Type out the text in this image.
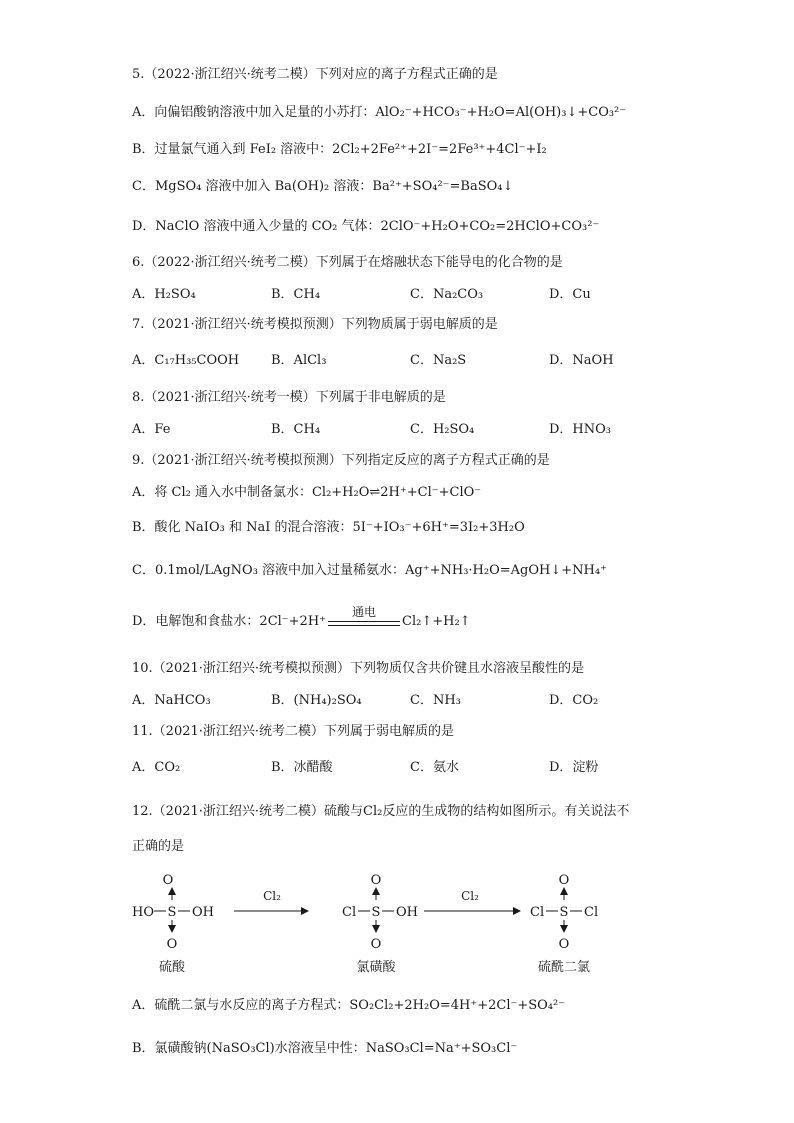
5.（2022·浙江绍兴·统考二模）下列对应的离子方程式正确的是
A．向偏铝酸钠溶液中加入足量的小苏打：AlO₂⁻+HCO₃⁻+H₂O=Al(OH)₃↓+CO₃²⁻
B．过量氯气通入到 FeI₂ 溶液中：2Cl₂+2Fe²⁺+2I⁻=2Fe³⁺+4Cl⁻+I₂
C．MgSO₄ 溶液中加入 Ba(OH)₂ 溶液：Ba²⁺+SO₄²⁻=BaSO₄↓
D．NaClO 溶液中通入少量的 CO₂ 气体：2ClO⁻+H₂O+CO₂=2HClO+CO₃²⁻
6.（2022·浙江绍兴·统考二模）下列属于在熔融状态下能导电的化合物的是
A．H₂SO₄	B．CH₄	C．Na₂CO₃	D．Cu
7.（2021·浙江绍兴·统考模拟预测）下列物质属于弱电解质的是
A．C₁₇H₃₅COOH B．AlCl₃	C．Na₂S	D．NaOH
8.（2021·浙江绍兴·统考一模）下列属于非电解质的是
A．Fe	B．CH₄	C．H₂SO₄	D．HNO₃
9.（2021·浙江绍兴·统考模拟预测）下列指定反应的离子方程式正确的是
A．将 Cl₂ 通入水中制备氯水：Cl₂+H₂O⇌2H⁺+Cl⁻+ClO⁻
B．酸化 NaIO₃ 和 NaI 的混合溶液：5I⁻+IO₃⁻+6H⁺=3I₂+3H₂O
C．0.1mol/LAgNO₃ 溶液中加入过量稀氨水：Ag⁺+NH₃·H₂O=AgOH↓+NH₄⁺
D．电解饱和食盐水：2Cl⁻+2H⁺
通电
Cl₂↑+H₂↑
10.（2021·浙江绍兴·统考模拟预测）下列物质仅含共价键且水溶液呈酸性的是
A．NaHCO₃	B．(NH₄)₂SO₄	C．NH₃	D．CO₂
11.（2021·浙江绍兴·统考二模）下列属于弱电解质的是
A．CO₂	B．冰醋酸	C．氨水	D．淀粉
12.（2021·浙江绍兴·统考二模）硫酸与Cl₂反应的生成物的结构如图所示。有关说法不
正确的是
O
HO S OH
O
硫酸
Cl₂
O
Cl S OH
O
氯磺酸
Cl₂
O
Cl S Cl
O
硫酰二氯
A．硫酰二氯与水反应的离子方程式：SO₂Cl₂+2H₂O=4H⁺+2Cl⁻+SO₄²⁻
B．氯磺酸钠(NaSO₃Cl)水溶液呈中性：NaSO₃Cl=Na⁺+SO₃Cl⁻
